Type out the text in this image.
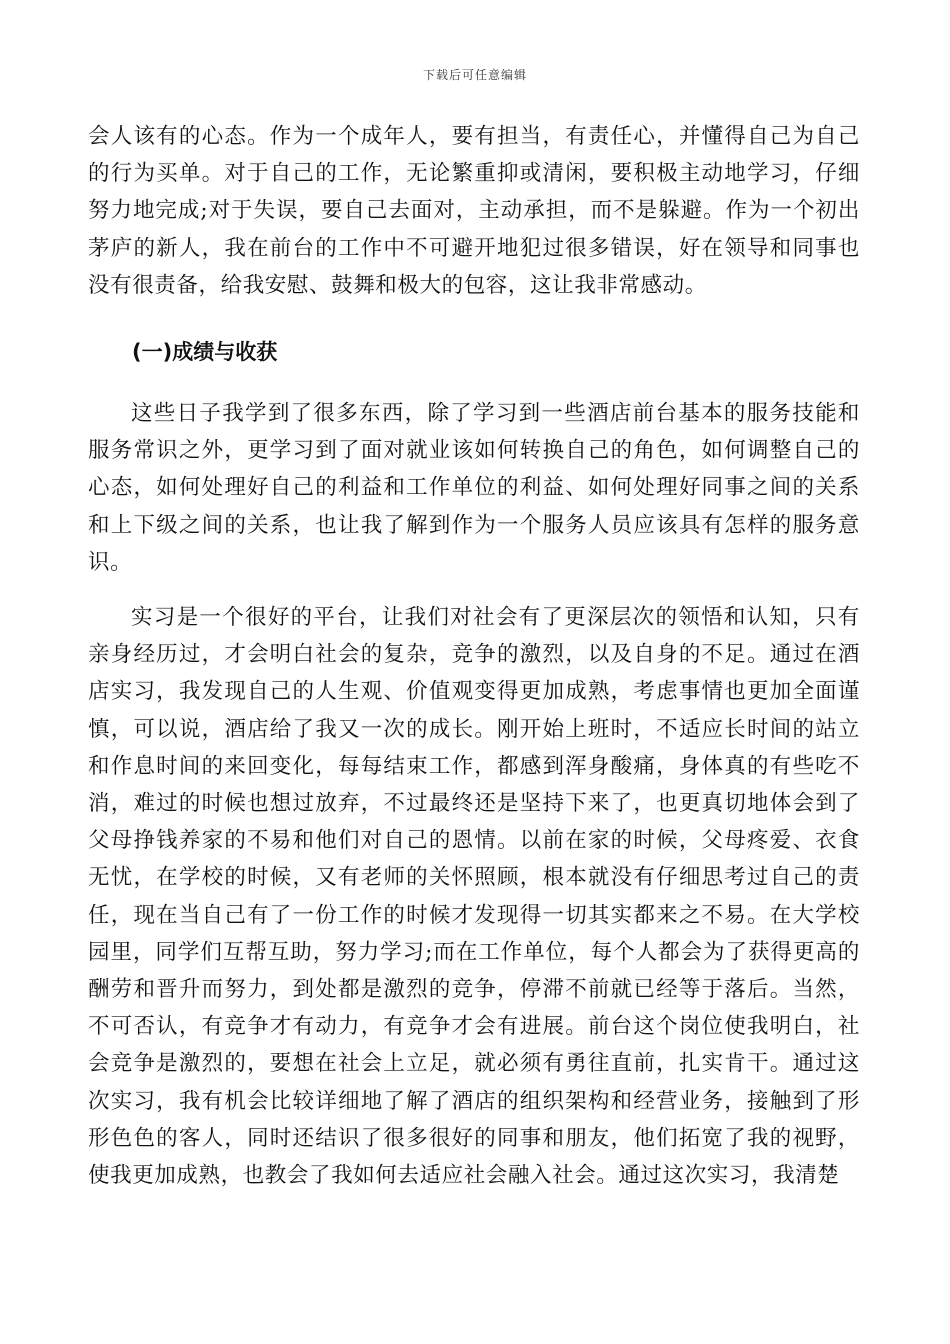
下载后可任意编辑

会人该有的心态。作为一个成年人，要有担当，有责任心，并懂得自己为自己的行为买单。对于自己的工作，无论繁重抑或清闲，要积极主动地学习，仔细努力地完成;对于失误，要自己去面对，主动承担，而不是躲避。作为一个初出茅庐的新人，我在前台的工作中不可避开地犯过很多错误，好在领导和同事也没有很责备，给我安慰、鼓舞和极大的包容，这让我非常感动。

(一)成绩与收获

这些日子我学到了很多东西，除了学习到一些酒店前台基本的服务技能和服务常识之外，更学习到了面对就业该如何转换自己的角色，如何调整自己的心态，如何处理好自己的利益和工作单位的利益、如何处理好同事之间的关系和上下级之间的关系，也让我了解到作为一个服务人员应该具有怎样的服务意识。

实习是一个很好的平台，让我们对社会有了更深层次的领悟和认知，只有亲身经历过，才会明白社会的复杂，竞争的激烈，以及自身的不足。通过在酒店实习，我发现自己的人生观、价值观变得更加成熟，考虑事情也更加全面谨慎，可以说，酒店给了我又一次的成长。刚开始上班时，不适应长时间的站立和作息时间的来回变化，每每结束工作，都感到浑身酸痛，身体真的有些吃不消，难过的时候也想过放弃，不过最终还是坚持下来了，也更真切地体会到了父母挣钱养家的不易和他们对自己的恩情。以前在家的时候，父母疼爱、衣食无忧，在学校的时候，又有老师的关怀照顾，根本就没有仔细思考过自己的责任，现在当自己有了一份工作的时候才发现得一切其实都来之不易。在大学校园里，同学们互帮互助，努力学习;而在工作单位，每个人都会为了获得更高的酬劳和晋升而努力，到处都是激烈的竞争，停滞不前就已经等于落后。当然，不可否认，有竞争才有动力，有竞争才会有进展。前台这个岗位使我明白，社会竞争是激烈的，要想在社会上立足，就必须有勇往直前，扎实肯干。通过这次实习，我有机会比较详细地了解了酒店的组织架构和经营业务，接触到了形形色色的客人，同时还结识了很多很好的同事和朋友，他们拓宽了我的视野，使我更加成熟，也教会了我如何去适应社会融入社会。通过这次实习，我清楚
